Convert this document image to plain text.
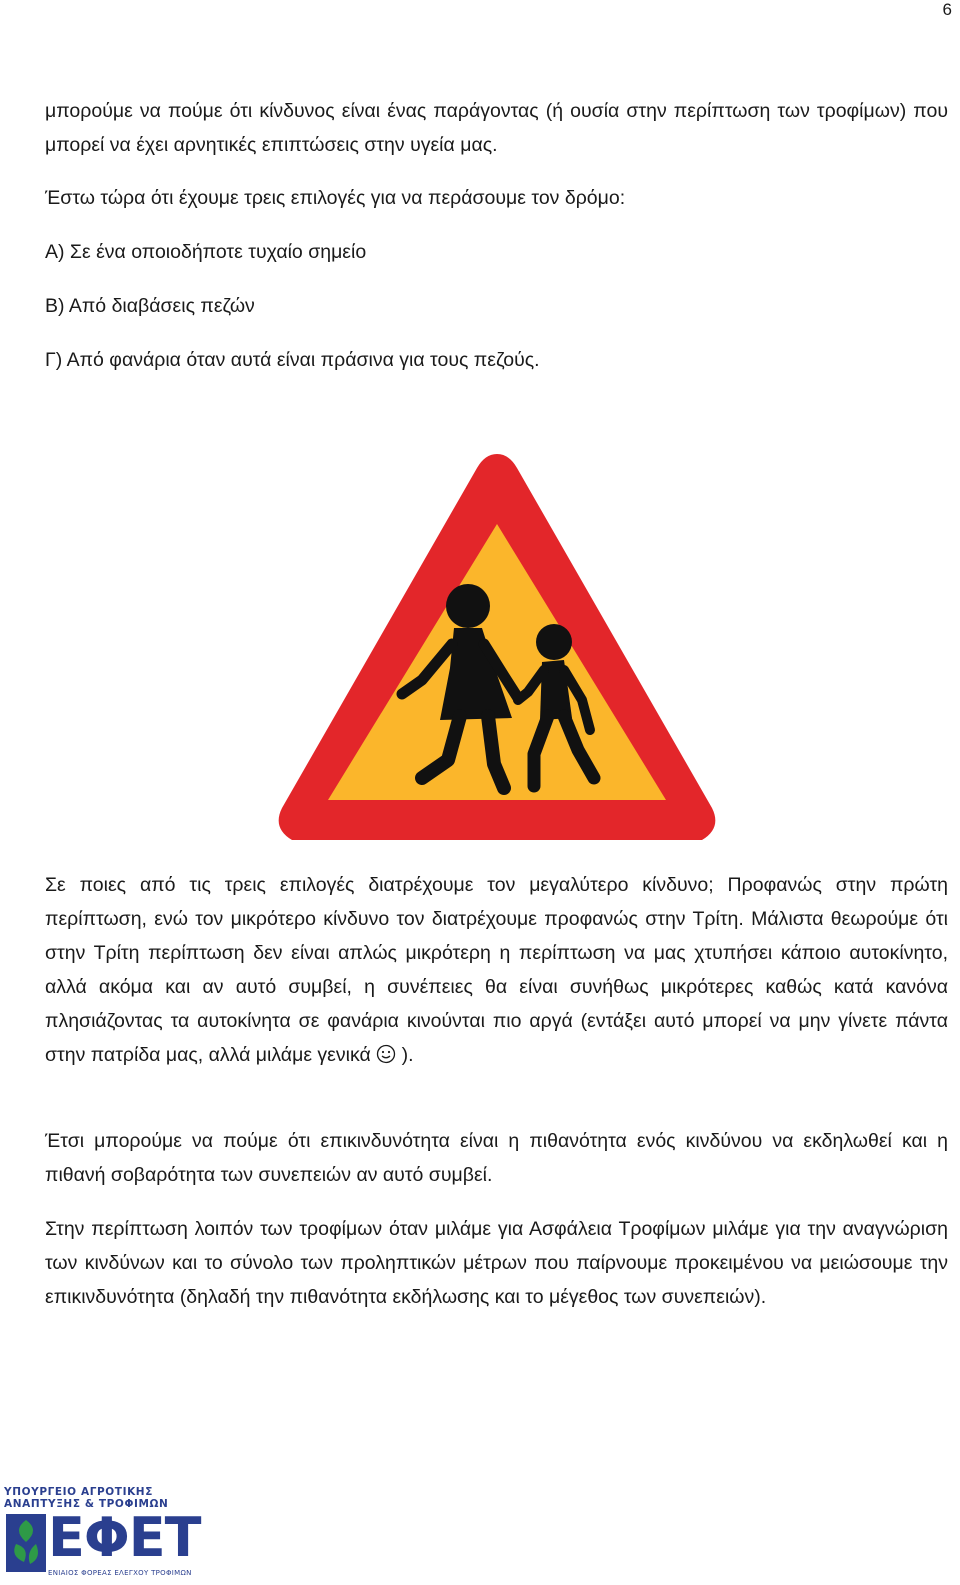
6

μπορούμε να πούμε ότι κίνδυνος είναι ένας παράγοντας (ή ουσία στην περίπτωση των τροφίμων) που μπορεί να έχει αρνητικές επιπτώσεις στην υγεία μας.

Έστω τώρα ότι έχουμε τρεις επιλογές για να περάσουμε τον δρόμο:

Α) Σε ένα οποιοδήποτε τυχαίο σημείο

Β) Από διαβάσεις πεζών

Γ) Από φανάρια όταν αυτά είναι πράσινα για τους πεζούς.

Σε ποιες από τις τρεις επιλογές διατρέχουμε τον μεγαλύτερο κίνδυνο; Προφανώς στην πρώτη περίπτωση, ενώ τον μικρότερο κίνδυνο τον διατρέχουμε προφανώς στην Τρίτη. Μάλιστα θεωρούμε ότι στην Τρίτη περίπτωση δεν είναι απλώς μικρότερη η περίπτωση να μας χτυπήσει κάποιο αυτοκίνητο, αλλά ακόμα και αν αυτό συμβεί, η συνέπειες θα είναι συνήθως μικρότερες καθώς κατά κανόνα πλησιάζοντας τα αυτοκίνητα σε φανάρια κινούνται πιο αργά (εντάξει αυτό μπορεί να μην γίνετε πάντα στην πατρίδα μας, αλλά μιλάμε γενικά  ).

Έτσι μπορούμε να πούμε ότι επικινδυνότητα είναι η πιθανότητα ενός κινδύνου να εκδηλωθεί και η πιθανή σοβαρότητα των συνεπειών αν αυτό συμβεί.

Στην περίπτωση λοιπόν των τροφίμων όταν μιλάμε για Ασφάλεια Τροφίμων μιλάμε για την αναγνώριση των κινδύνων και το σύνολο των προληπτικών μέτρων που παίρνουμε προκειμένου να μειώσουμε την επικινδυνότητα (δηλαδή την πιθανότητα εκδήλωσης και το μέγεθος των συνεπειών).

ΥΠΟΥΡΓΕΙΟ ΑΓΡΟΤΙΚΗΣ
ΑΝΑΠΤΥΞΗΣ & ΤΡΟΦΙΜΩΝ
ΕΦΕΤ
ΕΝΙΑΙΟΣ ΦΟΡΕΑΣ ΕΛΕΓΧΟΥ ΤΡΟΦΙΜΩΝ
